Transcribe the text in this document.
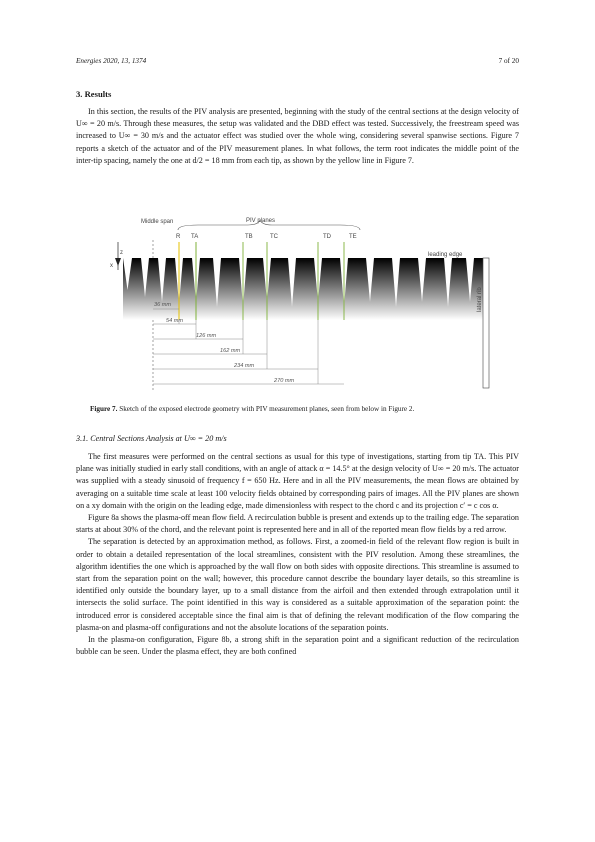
Energies 2020, 13, 1374	7 of 20
3. Results

In this section, the results of the PIV analysis are presented, beginning with the study of the central sections at the design velocity of U∞ = 20 m/s. Through these measures, the setup was validated and the DBD effect was tested. Successively, the freestream speed was increased to U∞ = 30 m/s and the actuator effect was studied over the whole wing, considering several spanwise sections. Figure 7 reports a sketch of the actuator and of the PIV measurement planes. In what follows, the term root indicates the middle point of the inter-tip spacing, namely the one at d/2 = 18 mm from each tip, as shown by the yellow line in Figure 7.

Middle span	PIV planes
R TA	TB	TC	TD	TE
z
x
lateral rib
leading edge
36 mm
54 mm
126 mm
162 mm
234 mm
270 mm
Figure 7. Sketch of the exposed electrode geometry with PIV measurement planes, seen from below in Figure 2.
3.1. Central Sections Analysis at U∞ = 20 m/s

The first measures were performed on the central sections as usual for this type of investigations, starting from tip TA. This PIV plane was initially studied in early stall conditions, with an angle of attack α = 14.5° at the design velocity of U∞ = 20 m/s. The actuator was supplied with a steady sinusoid of frequency f = 650 Hz. Here and in all the PIV measurements, the mean flows are obtained by averaging on a suitable time scale at least 100 velocity fields obtained by corresponding pairs of images. All the PIV planes are shown on a xy domain with the origin on the leading edge, made dimensionless with respect to the chord c and its projection c′ = c cos α.

Figure 8a shows the plasma-off mean flow field. A recirculation bubble is present and extends up to the trailing edge. The separation starts at about 30% of the chord, and the relevant point is represented here and in all of the reported mean flow fields by a red arrow.

The separation is detected by an approximation method, as follows. First, a zoomed-in field of the relevant flow region is built in order to obtain a detailed representation of the local streamlines, consistent with the PIV resolution. Among these streamlines, the algorithm identifies the one which is approached by the wall flow on both sides with opposite directions. This streamline is assumed to start from the separation point on the wall; however, this procedure cannot describe the boundary layer details, so this streamline is identified only outside the boundary layer, up to a small distance from the airfoil and then extended through extrapolation until it intersects the solid surface. The point identified in this way is considered as a suitable approximation of the separation point: the introduced error is considered acceptable since the final aim is that of defining the relevant modification of the flow comparing the plasma-on and plasma-off configurations and not the absolute locations of the separation points.

In the plasma-on configuration, Figure 8b, a strong shift in the separation point and a significant reduction of the recirculation bubble can be seen. Under the plasma effect, they are both confined
